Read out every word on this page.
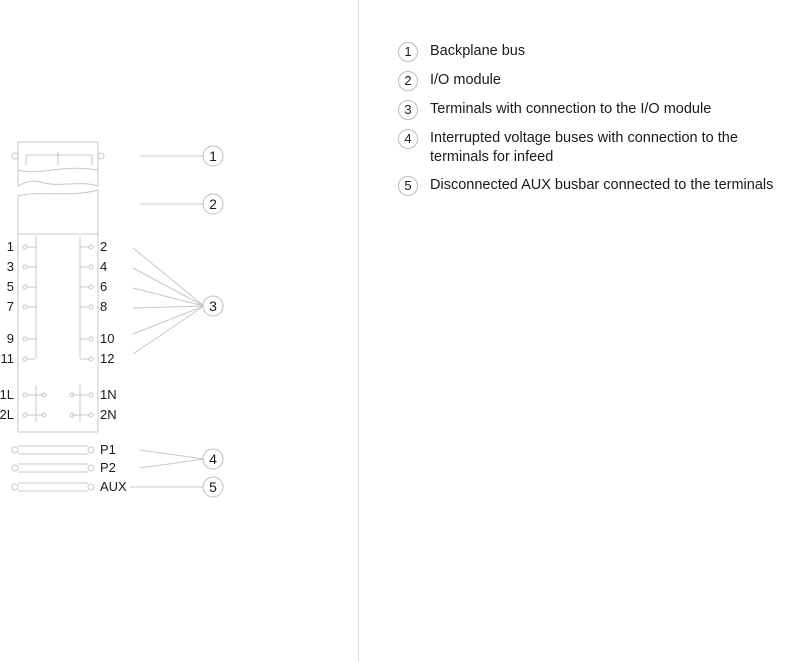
1
3
5
7
9
11
2
4
6
8
10
12
1L
2L
1N
2N
P1
P2
AUX
1
2
3
4
5
1	Backplane bus
2	I/O module
3	Terminals with connection to the I/O module
4	Interrupted voltage buses with connection to the terminals for infeed
5	Disconnected AUX busbar connected to the terminals
